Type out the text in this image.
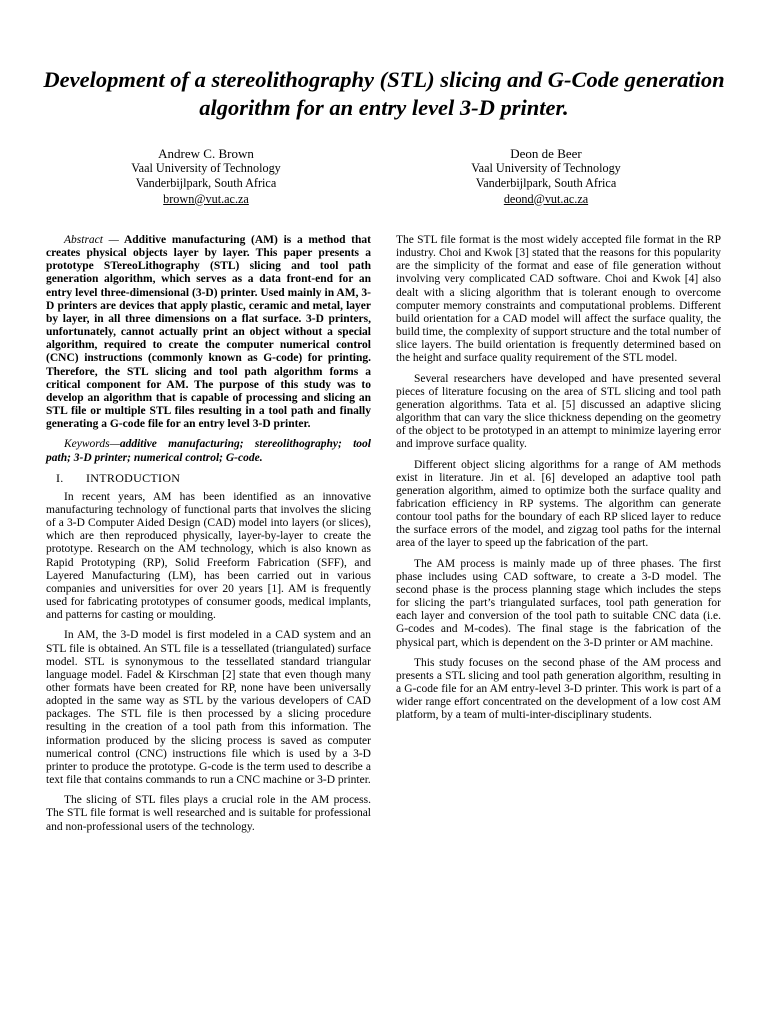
Development of a stereolithography (STL) slicing and G-Code generation algorithm for an entry level 3-D printer.
Andrew C. Brown
Vaal University of Technology
Vanderbijlpark, South Africa
brown@vut.ac.za
Deon de Beer
Vaal University of Technology
Vanderbijlpark, South Africa
deond@vut.ac.za

Abstract — Additive manufacturing (AM) is a method that creates physical objects layer by layer. This paper presents a prototype STereoLithography (STL) slicing and tool path generation algorithm, which serves as a data front-end for an entry level three-dimensional (3-D) printer. Used mainly in AM, 3-D printers are devices that apply plastic, ceramic and metal, layer by layer, in all three dimensions on a flat surface. 3-D printers, unfortunately, cannot actually print an object without a special algorithm, required to create the computer numerical control (CNC) instructions (commonly known as G-code) for printing. Therefore, the STL slicing and tool path algorithm forms a critical component for AM. The purpose of this study was to develop an algorithm that is capable of processing and slicing an STL file or multiple STL files resulting in a tool path and finally generating a G-code file for an entry level 3-D printer.

Keywords—additive manufacturing; stereolithography; tool path; 3-D printer; numerical control; G-code.

I. INTRODUCTION

In recent years, AM has been identified as an innovative manufacturing technology of functional parts that involves the slicing of a 3-D Computer Aided Design (CAD) model into layers (or slices), which are then reproduced physically, layer-by-layer to create the prototype. Research on the AM technology, which is also known as Rapid Prototyping (RP), Solid Freeform Fabrication (SFF), and Layered Manufacturing (LM), has been carried out in various companies and universities for over 20 years [1]. AM is frequently used for fabricating prototypes of consumer goods, medical implants, and patterns for casting or moulding.

In AM, the 3-D model is first modeled in a CAD system and an STL file is obtained. An STL file is a tessellated (triangulated) surface model. STL is synonymous to the tessellated standard triangular language model. Fadel & Kirschman [2] state that even though many other formats have been created for RP, none have been universally adopted in the same way as STL by the various developers of CAD packages. The STL file is then processed by a slicing procedure resulting in the creation of a tool path from this information. The information produced by the slicing process is saved as computer numerical control (CNC) instructions file which is used by a 3-D printer to produce the prototype. G-code is the term used to describe a text file that contains commands to run a CNC machine or 3-D printer.

The slicing of STL files plays a crucial role in the AM process. The STL file format is well researched and is suitable for professional and non-professional users of the technology.

The STL file format is the most widely accepted file format in the RP industry. Choi and Kwok [3] stated that the reasons for this popularity are the simplicity of the format and ease of file generation without involving very complicated CAD software. Choi and Kwok [4] also dealt with a slicing algorithm that is tolerant enough to overcome computer memory constraints and computational problems. Different build orientation for a CAD model will affect the surface quality, the build time, the complexity of support structure and the total number of slice layers. The build orientation is frequently determined based on the height and surface quality requirement of the STL model.

Several researchers have developed and have presented several pieces of literature focusing on the area of STL slicing and tool path generation algorithms. Tata et al. [5] discussed an adaptive slicing algorithm that can vary the slice thickness depending on the geometry of the object to be prototyped in an attempt to minimize layering error and improve surface quality.

Different object slicing algorithms for a range of AM methods exist in literature. Jin et al. [6] developed an adaptive tool path generation algorithm, aimed to optimize both the surface quality and fabrication efficiency in RP systems. The algorithm can generate contour tool paths for the boundary of each RP sliced layer to reduce the surface errors of the model, and zigzag tool paths for the internal area of the layer to speed up the fabrication of the part.

The AM process is mainly made up of three phases. The first phase includes using CAD software, to create a 3-D model. The second phase is the process planning stage which includes the steps for slicing the part’s triangulated surfaces, tool path generation for each layer and conversion of the tool path to suitable CNC data (i.e. G-codes and M-codes). The final stage is the fabrication of the physical part, which is dependent on the 3-D printer or AM machine.

This study focuses on the second phase of the AM process and presents a STL slicing and tool path generation algorithm, resulting in a G-code file for an AM entry-level 3-D printer. This work is part of a wider range effort concentrated on the development of a low cost AM platform, by a team of multi-inter-disciplinary students.
